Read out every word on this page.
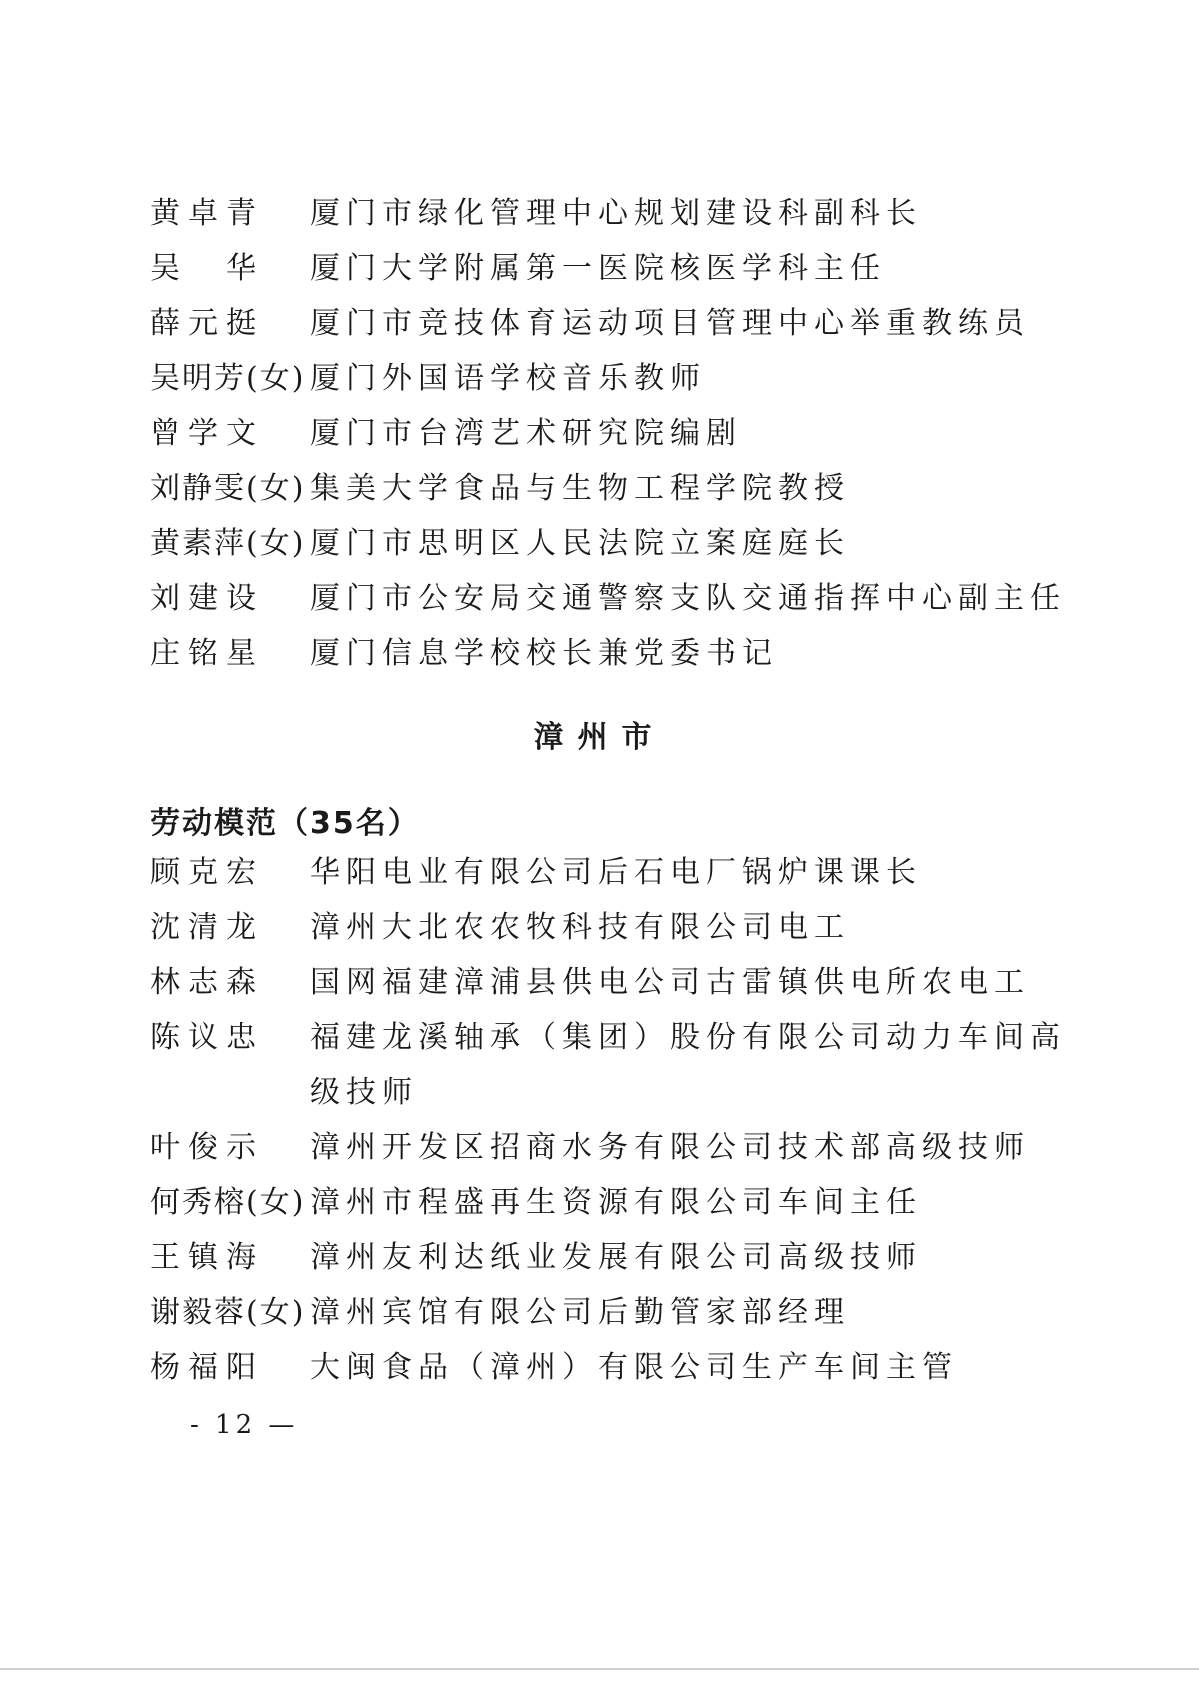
黄卓青 厦门市绿化管理中心规划建设科副科长
吴　华 厦门大学附属第一医院核医学科主任
薛元挺 厦门市竞技体育运动项目管理中心举重教练员
吴明芳(女) 厦门外国语学校音乐教师
曾学文 厦门市台湾艺术研究院编剧
刘静雯(女) 集美大学食品与生物工程学院教授
黄素萍(女) 厦门市思明区人民法院立案庭庭长
刘建设 厦门市公安局交通警察支队交通指挥中心副主任
庄铭星 厦门信息学校校长兼党委书记
漳州市
劳动模范（35名）
顾克宏 华阳电业有限公司后石电厂锅炉课课长
沈清龙 漳州大北农农牧科技有限公司电工
林志森 国网福建漳浦县供电公司古雷镇供电所农电工
陈议忠 福建龙溪轴承（集团）股份有限公司动力车间高
级技师
叶俊示 漳州开发区招商水务有限公司技术部高级技师
何秀榕(女) 漳州市程盛再生资源有限公司车间主任
王镇海 漳州友利达纸业发展有限公司高级技师
谢毅蓉(女) 漳州宾馆有限公司后勤管家部经理
杨福阳 大闽食品（漳州）有限公司生产车间主管
- 12 —
